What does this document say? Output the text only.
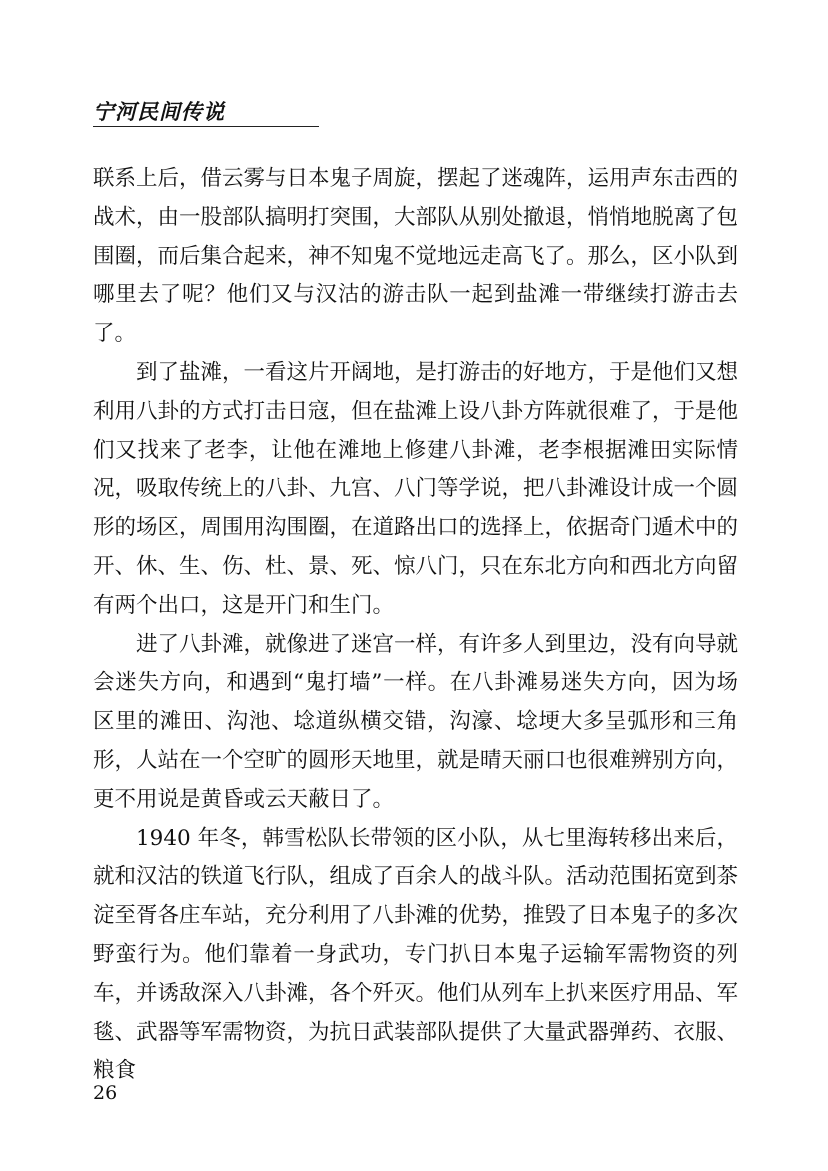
宁河民间传说

联系上后，借云雾与日本鬼子周旋，摆起了迷魂阵，运用声东击西的战术，由一股部队搞明打突围，大部队从别处撤退，悄悄地脱离了包围圈，而后集合起来，神不知鬼不觉地远走高飞了。那么，区小队到哪里去了呢？他们又与汉沽的游击队一起到盐滩一带继续打游击去了。

到了盐滩，一看这片开阔地，是打游击的好地方，于是他们又想利用八卦的方式打击日寇，但在盐滩上设八卦方阵就很难了，于是他们又找来了老李，让他在滩地上修建八卦滩，老李根据滩田实际情况，吸取传统上的八卦、九宫、八门等学说，把八卦滩设计成一个圆形的场区，周围用沟围圈，在道路出口的选择上，依据奇门遁术中的开、休、生、伤、杜、景、死、惊八门，只在东北方向和西北方向留有两个出口，这是开门和生门。

进了八卦滩，就像进了迷宫一样，有许多人到里边，没有向导就会迷失方向，和遇到“鬼打墙”一样。在八卦滩易迷失方向，因为场区里的滩田、沟池、埝道纵横交错，沟濠、埝埂大多呈弧形和三角形，人站在一个空旷的圆形天地里，就是晴天丽口也很难辨别方向，更不用说是黄昏或云天蔽日了。

1940 年冬，韩雪松队长带领的区小队，从七里海转移出来后，就和汉沽的铁道飞行队，组成了百余人的战斗队。活动范围拓宽到茶淀至胥各庄车站，充分利用了八卦滩的优势，推毁了日本鬼子的多次野蛮行为。他们靠着一身武功，专门扒日本鬼子运输军需物资的列车，并诱敌深入八卦滩，各个歼灭。他们从列车上扒来医疗用品、军毯、武器等军需物资，为抗日武装部队提供了大量武器弹药、衣服、粮食

26
